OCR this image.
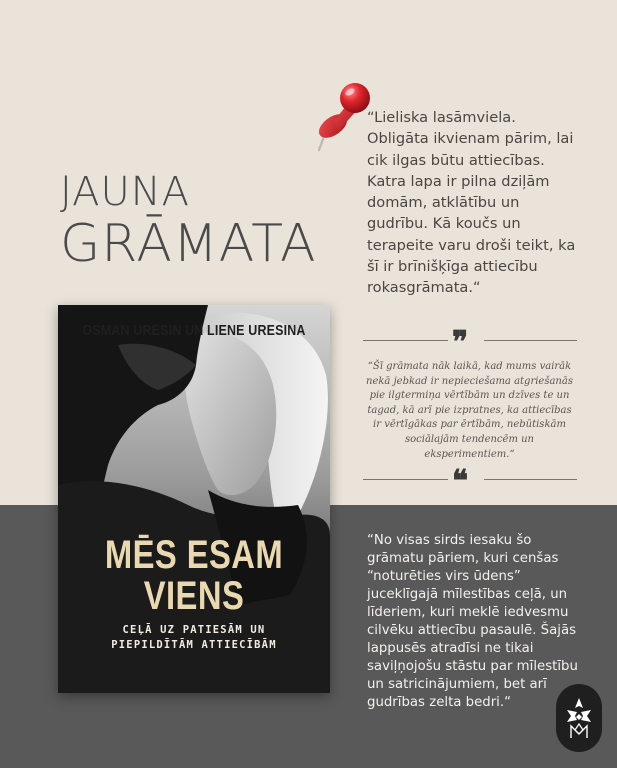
JAUNA
GRĀMATA
“Lieliska lasāmviela. Obligāta ikvienam pārim, lai cik ilgas būtu attiecības. Katra lapa ir pilna dziļām domām, atklātību un gudrību. Kā koučs un terapeite varu droši teikt, ka šī ir brīnišķīga attiecību rokasgrāmata.“
❞
“Šī grāmata nāk laikā, kad mums vairāk nekā jebkad ir nepieciešama atgriešanās pie ilgtermiņa vērtībām un dzīves te un tagad, kā arī pie izpratnes, ka attiecības ir vērtīgākas par ērtībām, nebūtiskām sociālajām tendencēm un eksperimentiem.“
❝
“No visas sirds iesaku šo grāmatu pāriem, kuri cenšas “noturēties virs ūdens” juceklīgajā mīlestības ceļā, un līderiem, kuri meklē iedvesmu cilvēku attiecību pasaulē. Šajās lappusēs atradīsi ne tikai saviļņojošu stāstu par mīlestību un satricinājumiem, bet arī gudrības zelta bedri.“
OSMAN URESIN UN LIENE URESINA
MĒS ESAM
VIENS
CEĻĀ UZ PATIESĀM UN
PIEPILDĪTĀM ATTIECĪBĀM
